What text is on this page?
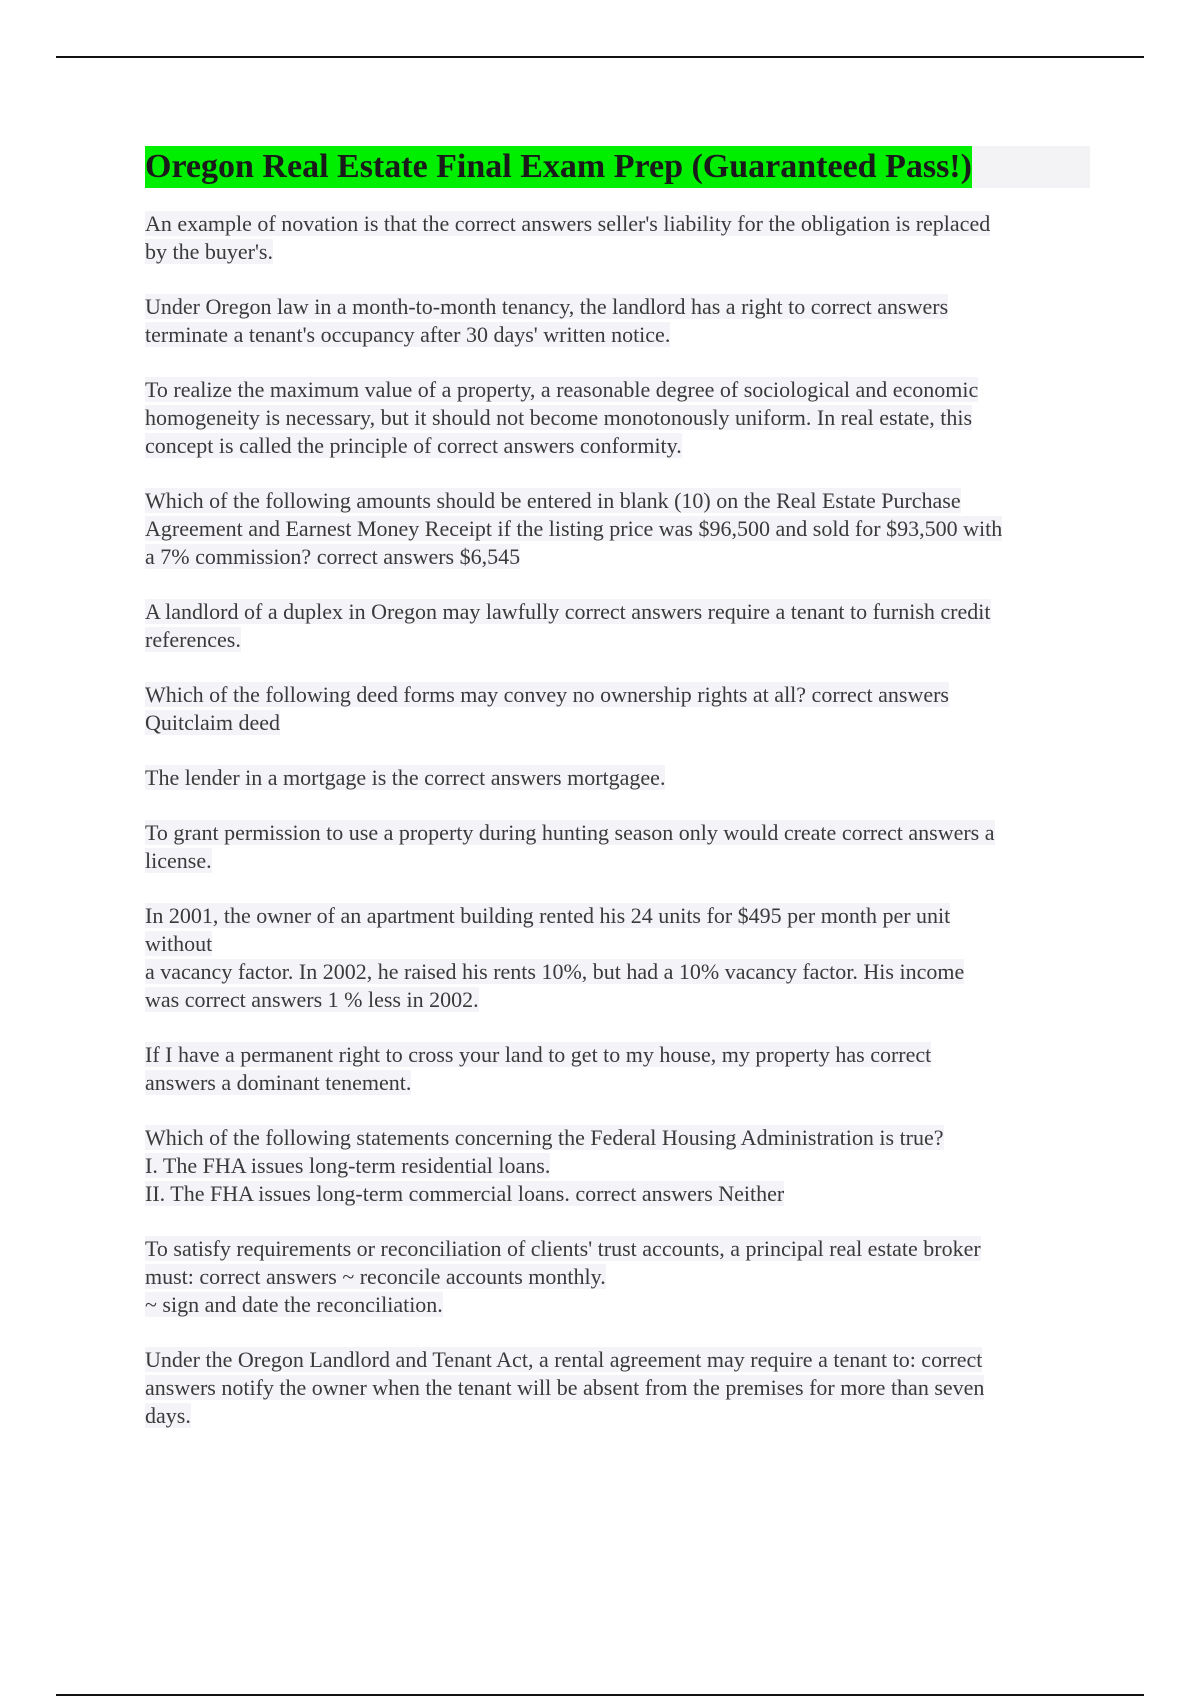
Oregon Real Estate Final Exam Prep (Guaranteed Pass!)
An example of novation is that the correct answers seller's liability for the obligation is replaced
by the buyer's.
Under Oregon law in a month-to-month tenancy, the landlord has a right to correct answers
terminate a tenant's occupancy after 30 days' written notice.
To realize the maximum value of a property, a reasonable degree of sociological and economic
homogeneity is necessary, but it should not become monotonously uniform. In real estate, this
concept is called the principle of correct answers conformity.
Which of the following amounts should be entered in blank (10) on the Real Estate Purchase
Agreement and Earnest Money Receipt if the listing price was $96,500 and sold for $93,500 with
a 7% commission? correct answers $6,545
A landlord of a duplex in Oregon may lawfully correct answers require a tenant to furnish credit
references.
Which of the following deed forms may convey no ownership rights at all? correct answers
Quitclaim deed
The lender in a mortgage is the correct answers mortgagee.
To grant permission to use a property during hunting season only would create correct answers a
license.
In 2001, the owner of an apartment building rented his 24 units for $495 per month per unit
without
a vacancy factor. In 2002, he raised his rents 10%, but had a 10% vacancy factor. His income
was correct answers 1 % less in 2002.
If I have a permanent right to cross your land to get to my house, my property has correct
answers a dominant tenement.
Which of the following statements concerning the Federal Housing Administration is true?
I. The FHA issues long-term residential loans.
II. The FHA issues long-term commercial loans. correct answers Neither
To satisfy requirements or reconciliation of clients' trust accounts, a principal real estate broker
must: correct answers ~ reconcile accounts monthly.
~ sign and date the reconciliation.
Under the Oregon Landlord and Tenant Act, a rental agreement may require a tenant to: correct
answers notify the owner when the tenant will be absent from the premises for more than seven
days.
